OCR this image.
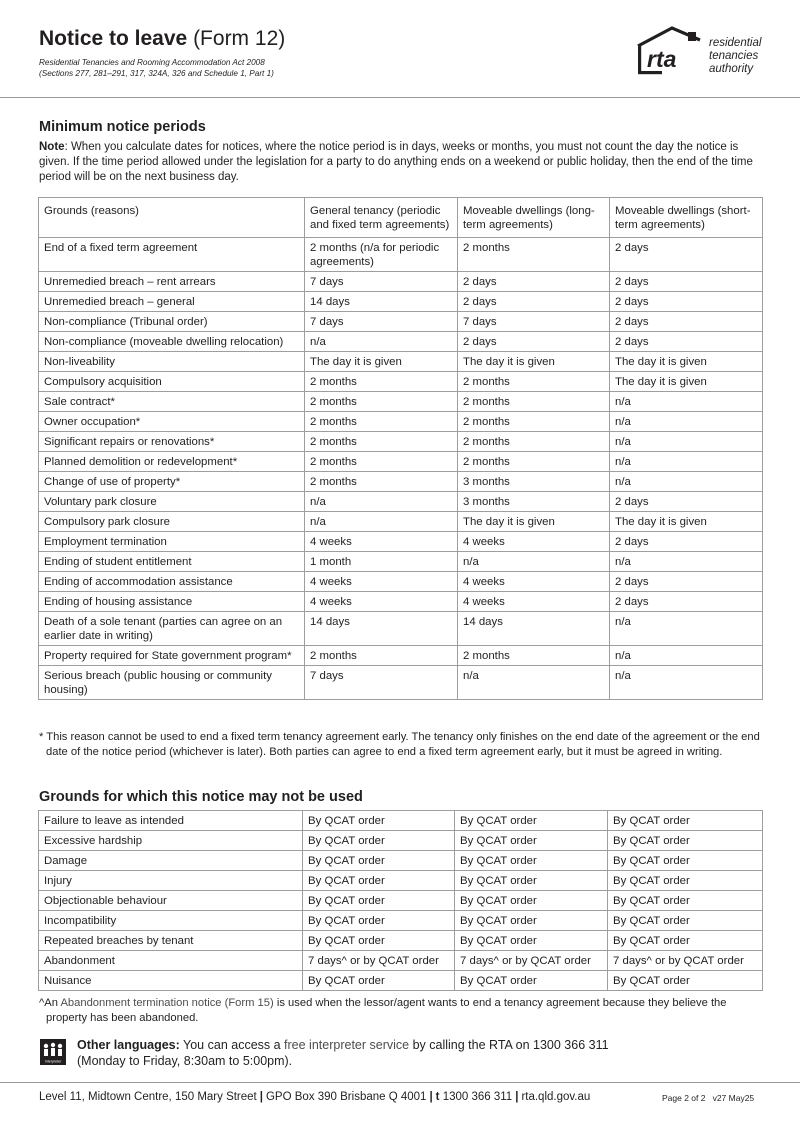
Notice to leave (Form 12)
Residential Tenancies and Rooming Accommodation Act 2008
(Sections 277, 281–291, 317, 324A, 326 and Schedule 1, Part 1)
rta
residential
tenancies
authority
Minimum notice periods
Note: When you calculate dates for notices, where the notice period is in days, weeks or months, you must not count the day the notice is given. If the time period allowed under the legislation for a party to do anything ends on a weekend or public holiday, then the end of the time period will be on the next business day.
Grounds (reasons)	General tenancy (periodic and fixed term agreements)	Moveable dwellings (long-term agreements)	Moveable dwellings (short-term agreements)
End of a fixed term agreement	2 months (n/a for periodic agreements)	2 months	2 days
Unremedied breach – rent arrears	7 days	2 days	2 days
Unremedied breach – general	14 days	2 days	2 days
Non-compliance (Tribunal order)	7 days	7 days	2 days
Non-compliance (moveable dwelling relocation)	n/a	2 days	2 days
Non-liveability	The day it is given	The day it is given	The day it is given
Compulsory acquisition	2 months	2 months	The day it is given
Sale contract*	2 months	2 months	n/a
Owner occupation*	2 months	2 months	n/a
Significant repairs or renovations*	2 months	2 months	n/a
Planned demolition or redevelopment*	2 months	2 months	n/a
Change of use of property*	2 months	3 months	n/a
Voluntary park closure	n/a	3 months	2 days
Compulsory park closure	n/a	The day it is given	The day it is given
Employment termination	4 weeks	4 weeks	2 days
Ending of student entitlement	1 month	n/a	n/a
Ending of accommodation assistance	4 weeks	4 weeks	2 days
Ending of housing assistance	4 weeks	4 weeks	2 days
Death of a sole tenant (parties can agree on an earlier date in writing)	14 days	14 days	n/a
Property required for State government program*	2 months	2 months	n/a
Serious breach (public housing or community housing)	7 days	n/a	n/a
* This reason cannot be used to end a fixed term tenancy agreement early. The tenancy only finishes on the end date of the agreement or the end date of the notice period (whichever is later). Both parties can agree to end a fixed term agreement early, but it must be agreed in writing.
Grounds for which this notice may not be used
Failure to leave as intended	By QCAT order	By QCAT order	By QCAT order
Excessive hardship	By QCAT order	By QCAT order	By QCAT order
Damage	By QCAT order	By QCAT order	By QCAT order
Injury	By QCAT order	By QCAT order	By QCAT order
Objectionable behaviour	By QCAT order	By QCAT order	By QCAT order
Incompatibility	By QCAT order	By QCAT order	By QCAT order
Repeated breaches by tenant	By QCAT order	By QCAT order	By QCAT order
Abandonment	7 days^ or by QCAT order	7 days^ or by QCAT order	7 days^ or by QCAT order
Nuisance	By QCAT order	By QCAT order	By QCAT order
^An Abandonment termination notice (Form 15) is used when the lessor/agent wants to end a tenancy agreement because they believe the property has been abandoned.
Interpreter
Other languages: You can access a free interpreter service by calling the RTA on 1300 366 311
(Monday to Friday, 8:30am to 5:00pm).
Level 11, Midtown Centre, 150 Mary Street | GPO Box 390 Brisbane Q 4001 | t 1300 366 311 | rta.qld.gov.au	Page 2 of 2 v27 May25
